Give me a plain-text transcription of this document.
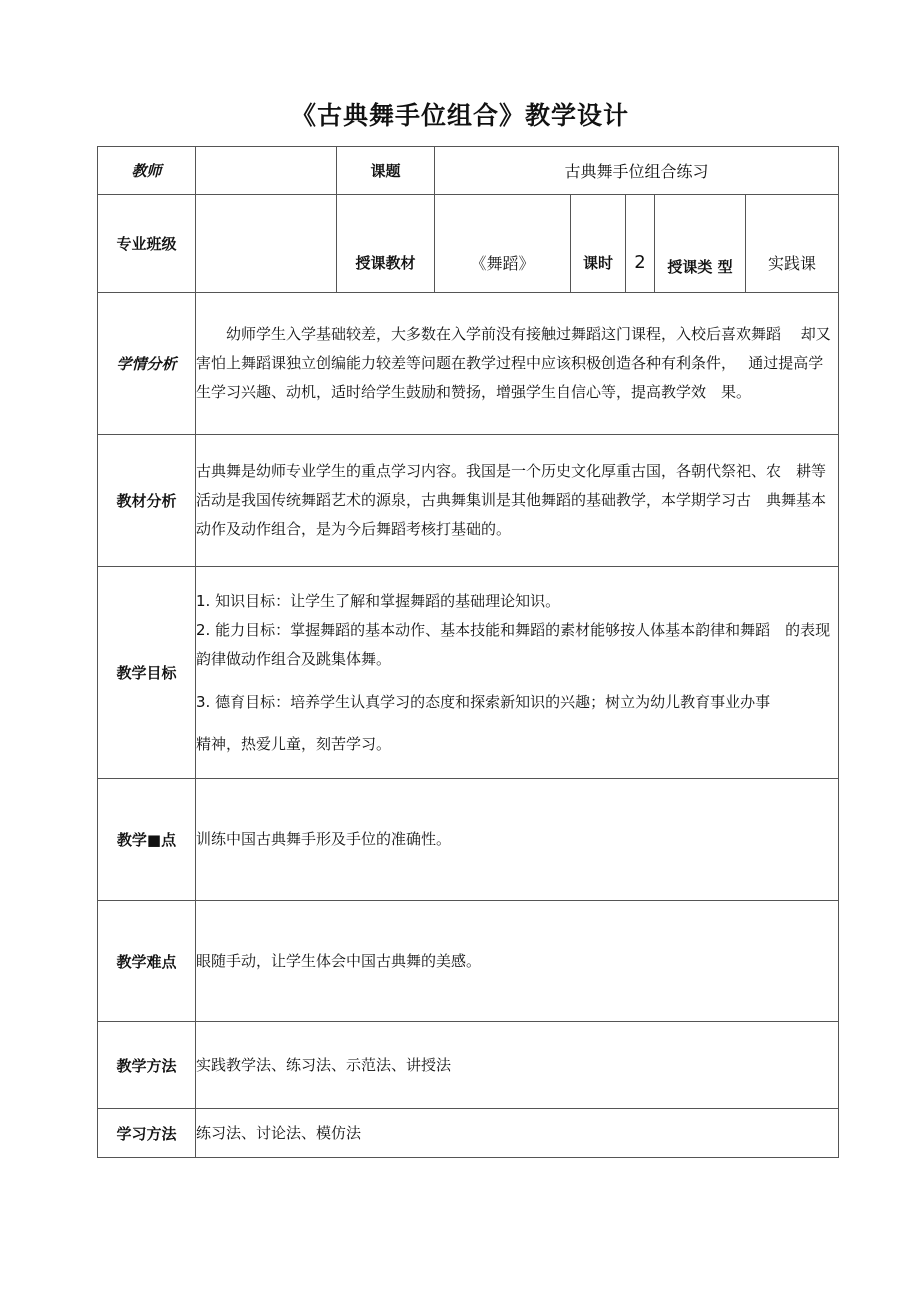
《古典舞手位组合》教学设计
教师		课题	古典舞手位组合练习				
专业班级		授课教材	《舞蹈》	课时	2	授课类 型	实践课
学情分析	幼师学生入学基础较差，大多数在入学前没有接触过舞蹈这门课程，入校后喜欢舞蹈　 却又害怕上舞蹈课独立创编能力较差等问题在教学过程中应该积极创造各种有利条件，　 通过提高学生学习兴趣、动机，适时给学生鼓励和赞扬，增强学生自信心等，提高教学效　果。						

教材分析	古典舞是幼师专业学生的重点学习内容。我国是一个历史文化厚重古国，各朝代祭祀、农　耕等活动是我国传统舞蹈艺术的源泉，古典舞集训是其他舞蹈的基础教学，本学期学习古　典舞基本动作及动作组合，是为今后舞蹈考核打基础的。						

教学目标	1. 知识目标：让学生了解和掌握舞蹈的基础理论知识。

2. 能力目标：掌握舞蹈的基本动作、基本技能和舞蹈的素材能够按人体基本韵律和舞蹈　的表现韵律做动作组合及跳集体舞。

3. 德育目标：培养学生认真学习的态度和探索新知识的兴趣；树立为幼儿教育事业办事

精神，热爱儿童，刻苦学习。						

教学■点	训练中国古典舞手形及手位的准确性。						

教学难点	眼随手动，让学生体会中国古典舞的美感。						

教学方法	实践教学法、练习法、示范法、讲授法						

学习方法	练习法、讨论法、模仿法						
